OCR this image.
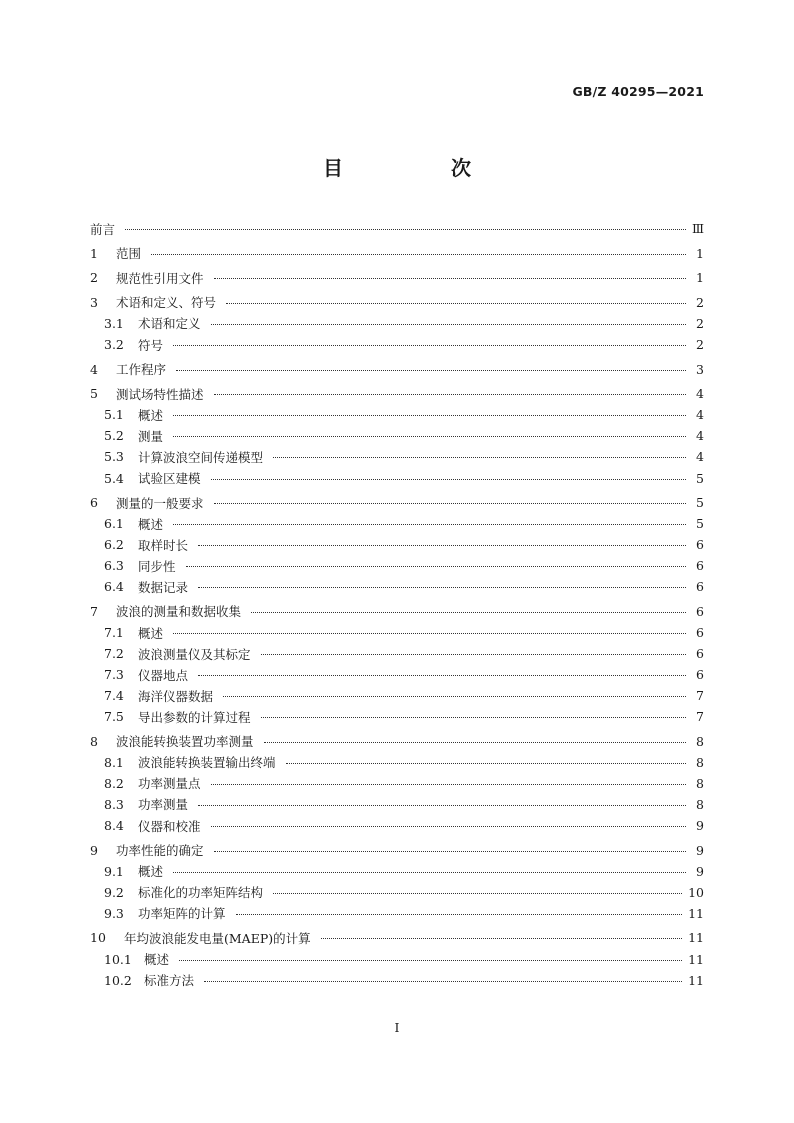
GB/Z 40295—2021
目　次
前言	Ⅲ
1	范围	1
2	规范性引用文件	1
3	术语和定义、符号	2
3.1	术语和定义	2
3.2	符号	2
4	工作程序	3
5	测试场特性描述	4
5.1	概述	4
5.2	测量	4
5.3	计算波浪空间传递模型	4
5.4	试验区建模	5
6	测量的一般要求	5
6.1	概述	5
6.2	取样时长	6
6.3	同步性	6
6.4	数据记录	6
7	波浪的测量和数据收集	6
7.1	概述	6
7.2	波浪测量仪及其标定	6
7.3	仪器地点	6
7.4	海洋仪器数据	7
7.5	导出参数的计算过程	7
8	波浪能转换装置功率测量	8
8.1	波浪能转换装置输出终端	8
8.2	功率测量点	8
8.3	功率测量	8
8.4	仪器和校准	9
9	功率性能的确定	9
9.1	概述	9
9.2	标准化的功率矩阵结构	10
9.3	功率矩阵的计算	11
10	年均波浪能发电量(MAEP)的计算	11
10.1 概述	11
10.2 标准方法	11
Ⅰ
